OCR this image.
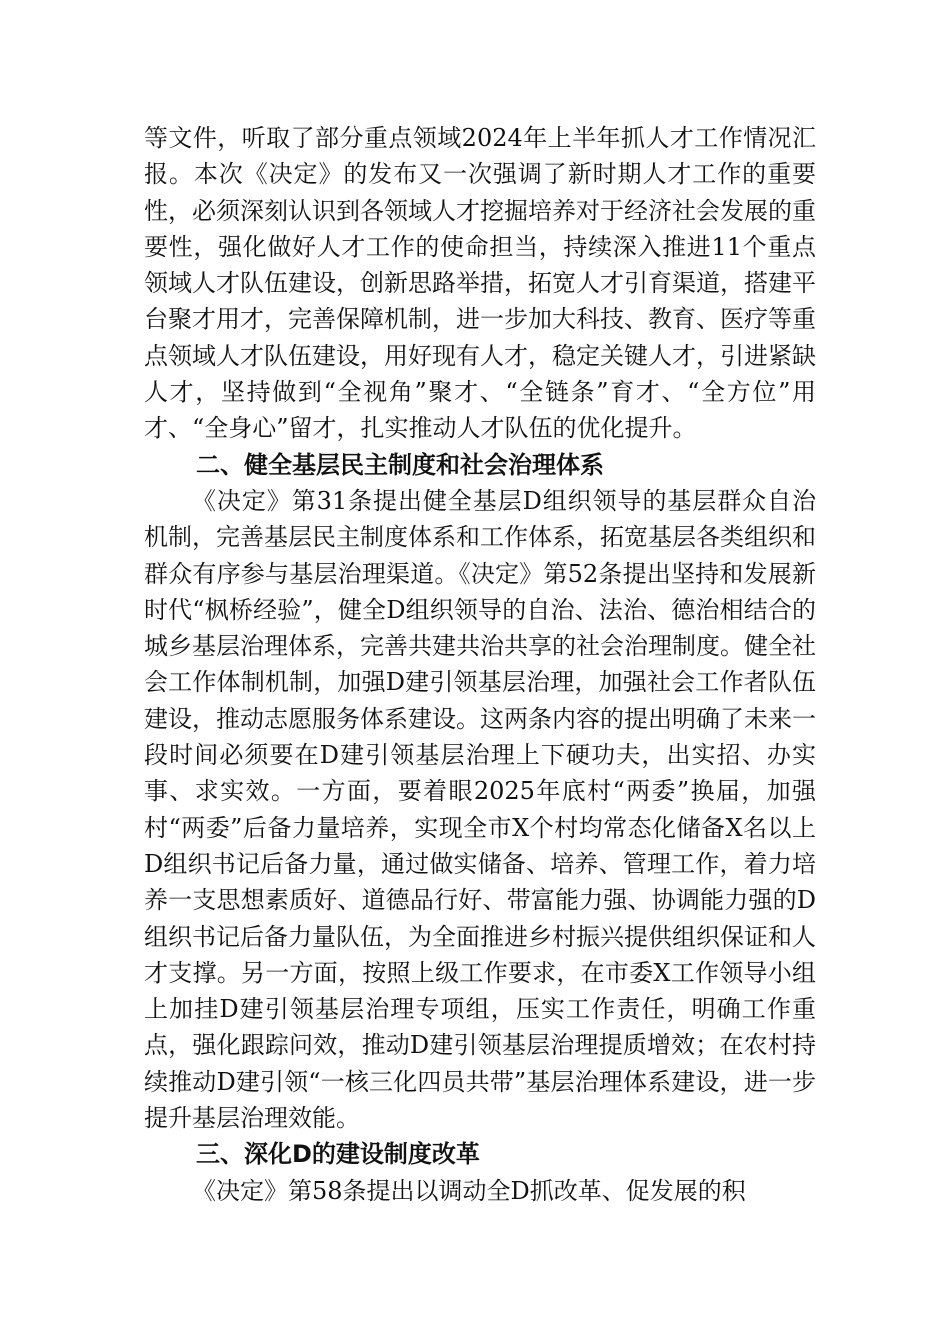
等文件，听取了部分重点领域2024年上半年抓人才工作情况汇报。本次《决定》的发布又一次强调了新时期人才工作的重要性，必须深刻认识到各领域人才挖掘培养对于经济社会发展的重要性，强化做好人才工作的使命担当，持续深入推进11个重点领域人才队伍建设，创新思路举措，拓宽人才引育渠道，搭建平台聚才用才，完善保障机制，进一步加大科技、教育、医疗等重点领域人才队伍建设，用好现有人才，稳定关键人才，引进紧缺人才，坚持做到“全视角”聚才、“全链条”育才、“全方位”用才、“全身心”留才，扎实推动人才队伍的优化提升。

二、健全基层民主制度和社会治理体系

《决定》第31条提出健全基层D组织领导的基层群众自治机制，完善基层民主制度体系和工作体系，拓宽基层各类组织和群众有序参与基层治理渠道。《决定》第52条提出坚持和发展新时代“枫桥经验”，健全D组织领导的自治、法治、德治相结合的城乡基层治理体系，完善共建共治共享的社会治理制度。健全社会工作体制机制，加强D建引领基层治理，加强社会工作者队伍建设，推动志愿服务体系建设。这两条内容的提出明确了未来一段时间必须要在D建引领基层治理上下硬功夫，出实招、办实事、求实效。一方面，要着眼2025年底村“两委”换届，加强村“两委”后备力量培养，实现全市X个村均常态化储备X名以上D组织书记后备力量，通过做实储备、培养、管理工作，着力培养一支思想素质好、道德品行好、带富能力强、协调能力强的D组织书记后备力量队伍，为全面推进乡村振兴提供组织保证和人才支撑。另一方面，按照上级工作要求，在市委X工作领导小组上加挂D建引领基层治理专项组，压实工作责任，明确工作重点，强化跟踪问效，推动D建引领基层治理提质增效；在农村持续推动D建引领“一核三化四员共带”基层治理体系建设，进一步提升基层治理效能。

三、深化D的建设制度改革

《决定》第58条提出以调动全D抓改革、促发展的积
